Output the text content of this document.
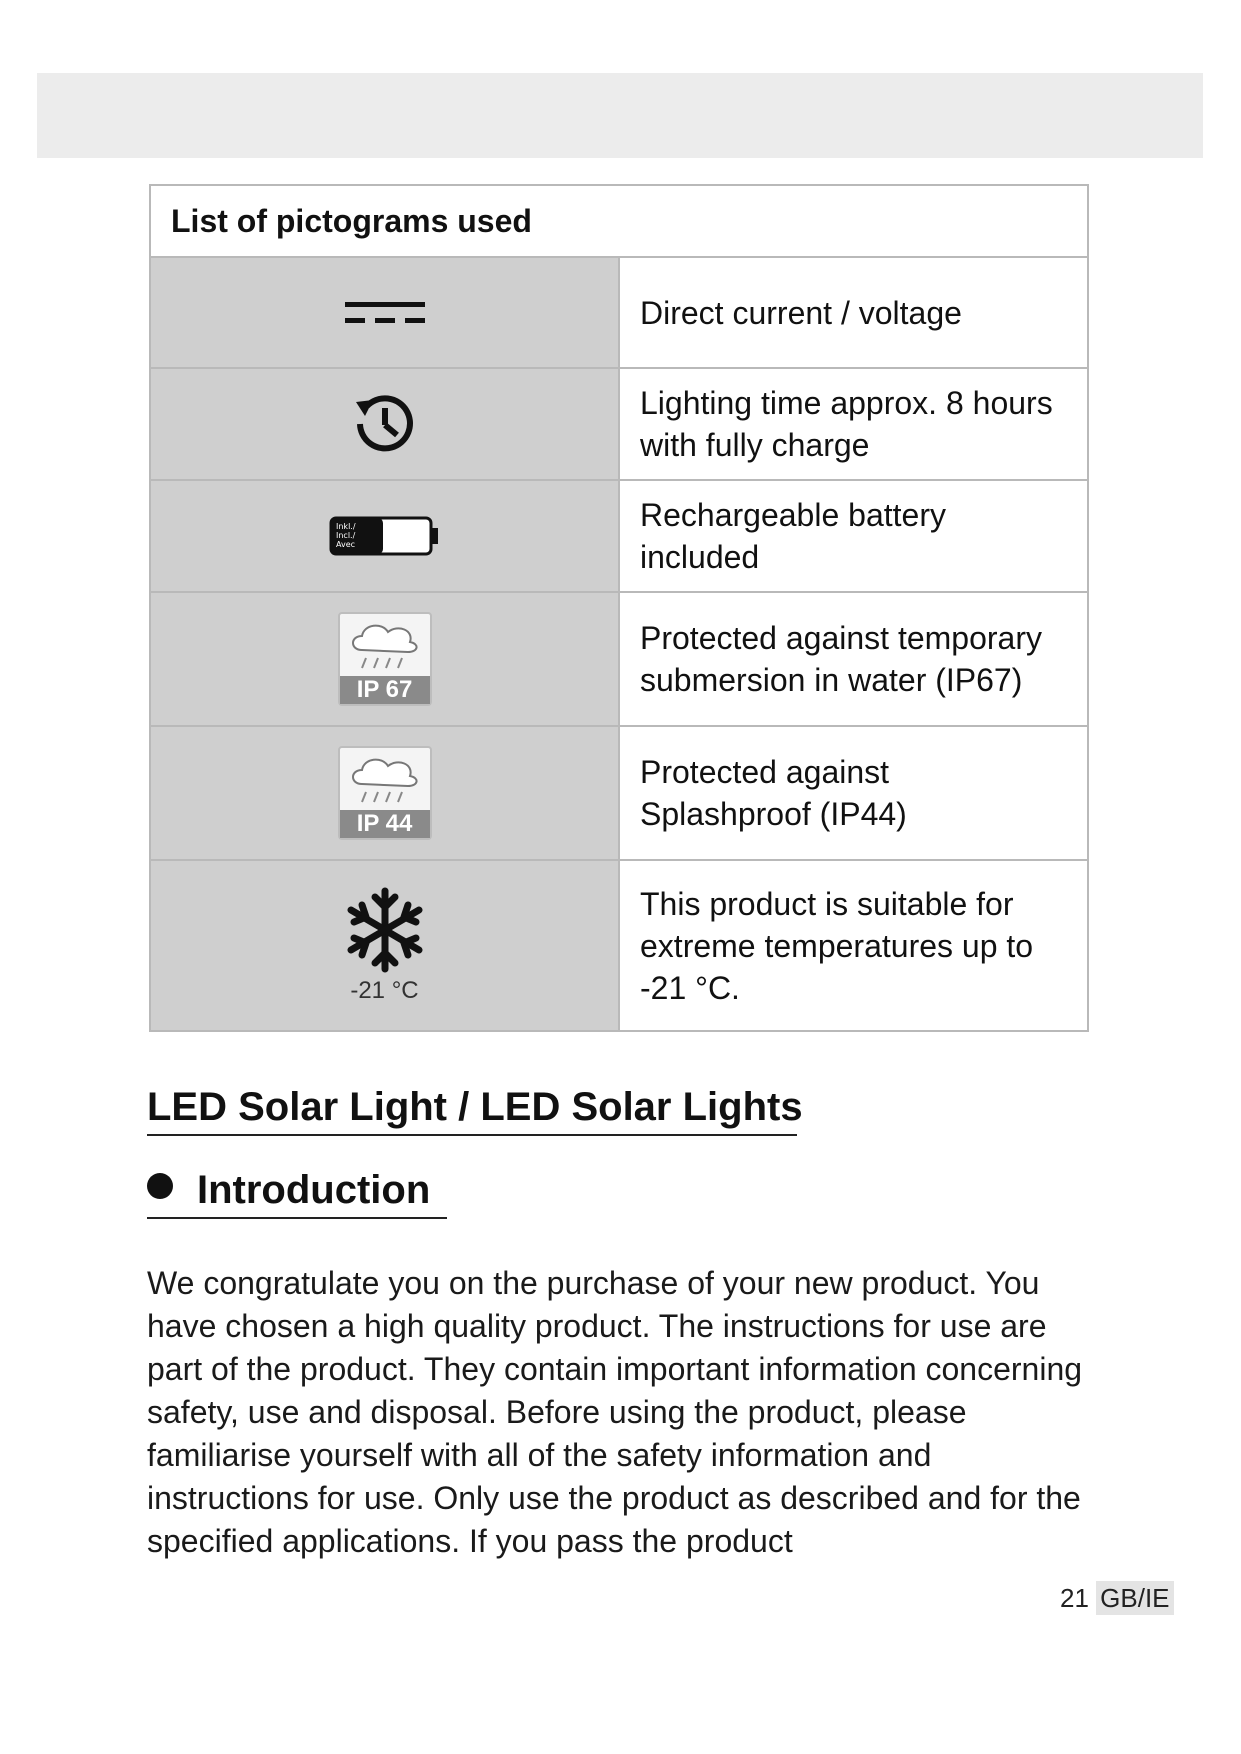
List of pictograms used	

	Direct current / voltage

	Lighting time approx. 8 hours with fully charge

Inkl./
Incl./
Avec	Rechargeable battery included

IP 67	Protected against temporary submersion in water (IP67)

IP 44	Protected against Splashproof (IP44)

-21 °C	This product is suitable for extreme temperatures up to -21 °C.
LED Solar Light / LED Solar Lights
Introduction

We congratulate you on the purchase of your new product. You have chosen a high quality product. The instructions for use are part of the product. They contain important information concerning safety, use and disposal. Before using the product, please familiarise yourself with all of the safety information and instructions for use. Only use the product as described and for the specified applications. If you pass the product

21 GB/IE
